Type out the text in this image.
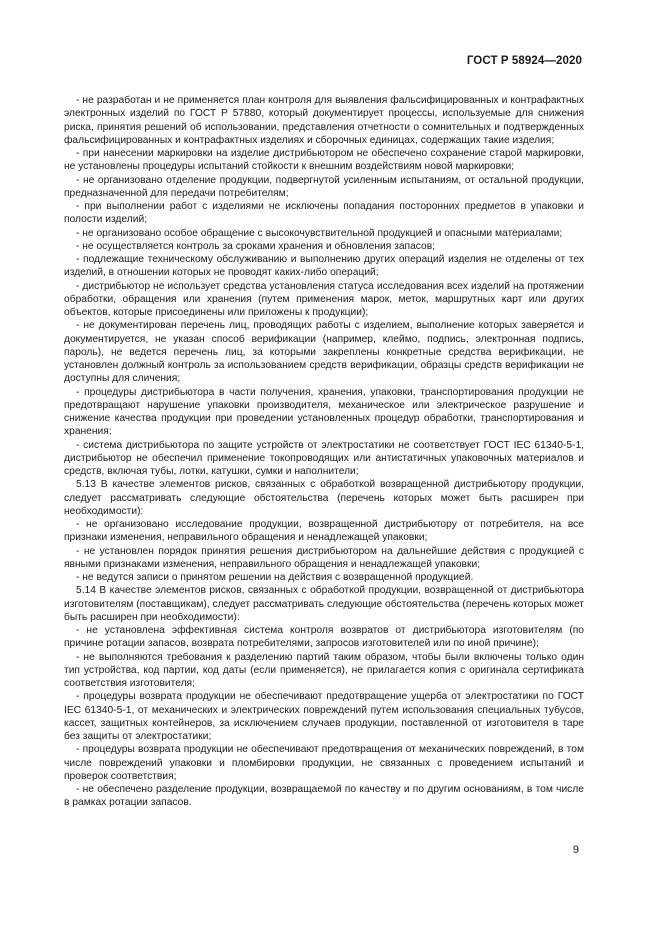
ГОСТ Р 58924—2020

- не разработан и не применяется план контроля для выявления фальсифицированных и контрафактных электронных изделий по ГОСТ Р 57880, который документирует процессы, используемые для снижения риска, принятия решений об использовании, представления отчетности о сомнительных и подтвержденных фальсифицированных и контрафактных изделиях и сборочных единицах, содержащих такие изделия;

- при нанесении маркировки на изделие дистрибьютором не обеспечено сохранение старой маркировки, не установлены процедуры испытаний стойкости к внешним воздействиям новой маркировки;

- не организовано отделение продукции, подвергнутой усиленным испытаниям, от остальной продукции, предназначенной для передачи потребителям;

- при выполнении работ с изделиями не исключены попадания посторонних предметов в упаковки и полости изделий;

- не организовано особое обращение с высокочувствительной продукцией и опасными материалами;

- не осуществляется контроль за сроками хранения и обновления запасов;

- подлежащие техническому обслуживанию и выполнению других операций изделия не отделены от тех изделий, в отношении которых не проводят каких-либо операций;

- дистрибьютор не использует средства установления статуса исследования всех изделий на протяжении обработки, обращения или хранения (путем применения марок, меток, маршрутных карт или других объектов, которые присоединены или приложены к продукции);

- не документирован перечень лиц, проводящих работы с изделием, выполнение которых заверяется и документируется, не указан способ верификации (например, клеймо, подпись, электронная подпись, пароль), не ведется перечень лиц, за которыми закреплены конкретные средства верификации, не установлен должный контроль за использованием средств верификации, образцы средств верификации не доступны для сличения;

- процедуры дистрибьютора в части получения, хранения, упаковки, транспортирования продукции не предотвращают нарушение упаковки производителя, механическое или электрическое разрушение и снижение качества продукции при проведении установленных процедур обработки, транспортирования и хранения;

- система дистрибьютора по защите устройств от электростатики не соответствует ГОСТ IEC 61340-5-1, дистрибьютор не обеспечил применение токопроводящих или антистатичных упаковочных материалов и средств, включая тубы, лотки, катушки, сумки и наполнители;

5.13 В качестве элементов рисков, связанных с обработкой возвращенной дистрибьютору продукции, следует рассматривать следующие обстоятельства (перечень которых может быть расширен при необходимости):

- не организовано исследование продукции, возвращенной дистрибьютору от потребителя, на все признаки изменения, неправильного обращения и ненадлежащей упаковки;

- не установлен порядок принятия решения дистрибьютором на дальнейшие действия с продукцией с явными признаками изменения, неправильного обращения и ненадлежащей упаковки;

- не ведутся записи о принятом решении на действия с возвращенной продукцией.

5.14 В качестве элементов рисков, связанных с обработкой продукции, возвращенной от дистрибьютора изготовителям (поставщикам), следует рассматривать следующие обстоятельства (перечень которых может быть расширен при необходимости):

- не установлена эффективная система контроля возвратов от дистрибьютора изготовителям (по причине ротации запасов, возврата потребителями, запросов изготовителей или по иной причине);

- не выполняются требования к разделению партий таким образом, чтобы были включены только один тип устройства, код партии, код даты (если применяется), не прилагается копия с оригинала сертификата соответствия изготовителя;

- процедуры возврата продукции не обеспечивают предотвращение ущерба от электростатики по ГОСТ IEC 61340-5-1, от механических и электрических повреждений путем использования специальных тубусов, кассет, защитных контейнеров, за исключением случаев продукции, поставленной от изготовителя в таре без защиты от электростатики;

- процедуры возврата продукции не обеспечивают предотвращения от механических повреждений, в том числе повреждений упаковки и пломбировки продукции, не связанных с проведением испытаний и проверок соответствия;

- не обеспечено разделение продукции, возвращаемой по качеству и по другим основаниям, в том числе в рамках ротации запасов.

9
